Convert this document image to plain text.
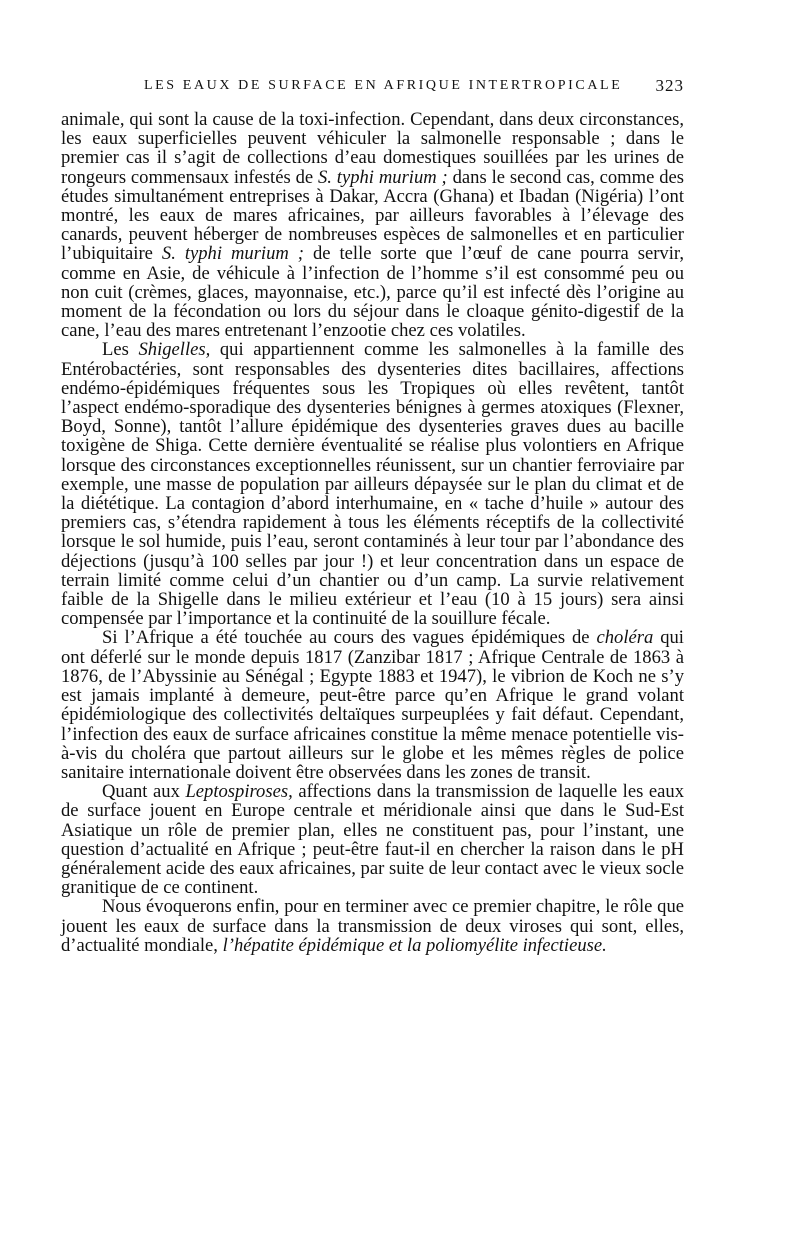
LES EAUX DE SURFACE EN AFRIQUE INTERTROPICALE 323

animale, qui sont la cause de la toxi-infection. Cependant, dans deux circonstances, les eaux superficielles peuvent véhiculer la salmonelle responsable ; dans le premier cas il s’agit de collections d’eau domestiques souillées par les urines de rongeurs commensaux infestés de S. typhi murium ; dans le second cas, comme des études simultanément entreprises à Dakar, Accra (Ghana) et Ibadan (Nigéria) l’ont montré, les eaux de mares africaines, par ailleurs favorables à l’élevage des canards, peuvent héberger de nombreuses espèces de salmonelles et en particulier l’ubiquitaire S. typhi murium ; de telle sorte que l’œuf de cane pourra servir, comme en Asie, de véhicule à l’infection de l’homme s’il est consommé peu ou non cuit (crèmes, glaces, mayonnaise, etc.), parce qu’il est infecté dès l’origine au moment de la fécondation ou lors du séjour dans le cloaque génito-digestif de la cane, l’eau des mares entretenant l’enzootie chez ces volatiles.

Les Shigelles, qui appartiennent comme les salmonelles à la famille des Entérobactéries, sont responsables des dysenteries dites bacillaires, affections endémo-épidémiques fréquentes sous les Tropiques où elles revêtent, tantôt l’aspect endémo-sporadique des dysenteries bénignes à germes atoxiques (Flexner, Boyd, Sonne), tantôt l’allure épidémique des dysenteries graves dues au bacille toxigène de Shiga. Cette dernière éventualité se réalise plus volontiers en Afrique lorsque des circonstances exceptionnelles réunissent, sur un chantier ferroviaire par exemple, une masse de population par ailleurs dépaysée sur le plan du climat et de la diététique. La contagion d’abord interhumaine, en « tache d’huile » autour des premiers cas, s’étendra rapidement à tous les éléments réceptifs de la collectivité lorsque le sol humide, puis l’eau, seront contaminés à leur tour par l’abondance des déjections (jusqu’à 100 selles par jour !) et leur concentration dans un espace de terrain limité comme celui d’un chantier ou d’un camp. La survie relativement faible de la Shigelle dans le milieu extérieur et l’eau (10 à 15 jours) sera ainsi compensée par l’importance et la continuité de la souillure fécale.

Si l’Afrique a été touchée au cours des vagues épidémiques de choléra qui ont déferlé sur le monde depuis 1817 (Zanzibar 1817 ; Afrique Centrale de 1863 à 1876, de l’Abyssinie au Sénégal ; Egypte 1883 et 1947), le vibrion de Koch ne s’y est jamais implanté à demeure, peut-être parce qu’en Afrique le grand volant épidémiologique des collectivités deltaïques surpeuplées y fait défaut. Cependant, l’infection des eaux de surface africaines constitue la même menace potentielle vis-à-vis du choléra que partout ailleurs sur le globe et les mêmes règles de police sanitaire internationale doivent être observées dans les zones de transit.

Quant aux Leptospiroses, affections dans la transmission de laquelle les eaux de surface jouent en Europe centrale et méridionale ainsi que dans le Sud-Est Asiatique un rôle de premier plan, elles ne constituent pas, pour l’instant, une question d’actualité en Afrique ; peut-être faut-il en chercher la raison dans le pH généralement acide des eaux africaines, par suite de leur contact avec le vieux socle granitique de ce continent.

Nous évoquerons enfin, pour en terminer avec ce premier chapitre, le rôle que jouent les eaux de surface dans la transmission de deux viroses qui sont, elles, d’actualité mondiale, l’hépatite épidémique et la poliomyélite infectieuse.
